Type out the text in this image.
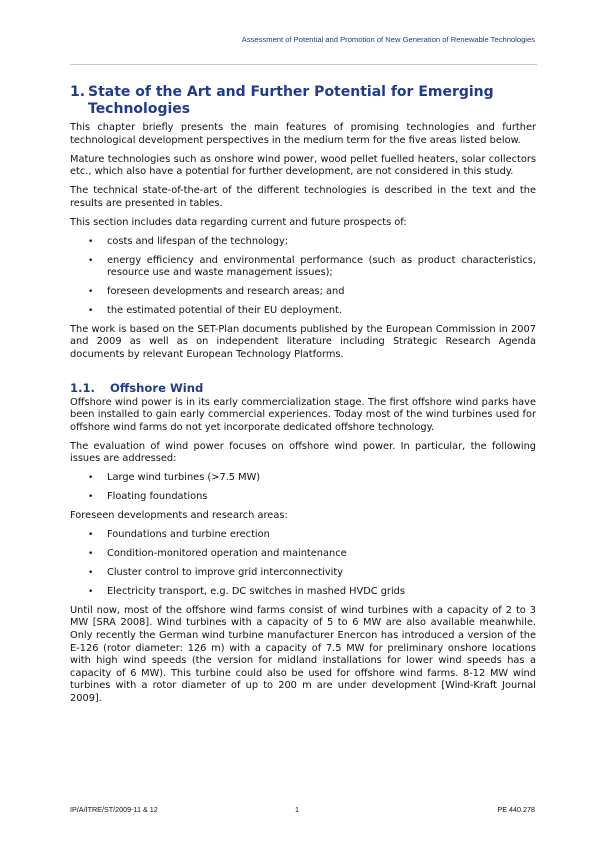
Assessment of Potential and Promotion of New Generation of Renewable Technologies
1. State of the Art and Further Potential for Emerging Technologies

This chapter briefly presents the main features of promising technologies and further technological development perspectives in the medium term for the five areas listed below.

Mature technologies such as onshore wind power, wood pellet fuelled heaters, solar collectors etc., which also have a potential for further development, are not considered in this study.

The technical state-of-the-art of the different technologies is described in the text and the results are presented in tables.

This section includes data regarding current and future prospects of:

• costs and lifespan of the technology;
• energy efficiency and environmental performance (such as product characteristics, resource use and waste management issues);
• foreseen developments and research areas; and
• the estimated potential of their EU deployment.

The work is based on the SET-Plan documents published by the European Commission in 2007 and 2009 as well as on independent literature including Strategic Research Agenda documents by relevant European Technology Platforms.

1.1.	Offshore Wind

Offshore wind power is in its early commercialization stage. The first offshore wind parks have been installed to gain early commercial experiences. Today most of the wind turbines used for offshore wind farms do not yet incorporate dedicated offshore technology.

The evaluation of wind power focuses on offshore wind power. In particular, the following issues are addressed:

• Large wind turbines (>7.5 MW)
• Floating foundations

Foreseen developments and research areas:

• Foundations and turbine erection
• Condition-monitored operation and maintenance
• Cluster control to improve grid interconnectivity
• Electricity transport, e.g. DC switches in mashed HVDC grids

Until now, most of the offshore wind farms consist of wind turbines with a capacity of 2 to 3 MW [SRA 2008]. Wind turbines with a capacity of 5 to 6 MW are also available meanwhile. Only recently the German wind turbine manufacturer Enercon has introduced a version of the E-126 (rotor diameter: 126 m) with a capacity of 7.5 MW for preliminary onshore locations with high wind speeds (the version for midland installations for lower wind speeds has a capacity of 6 MW). This turbine could also be used for offshore wind farms. 8-12 MW wind turbines with a rotor diameter of up to 200 m are under development [Wind-Kraft Journal 2009].

IP/A/ITRE/ST/2009-11 & 12	1	PE 440.278
